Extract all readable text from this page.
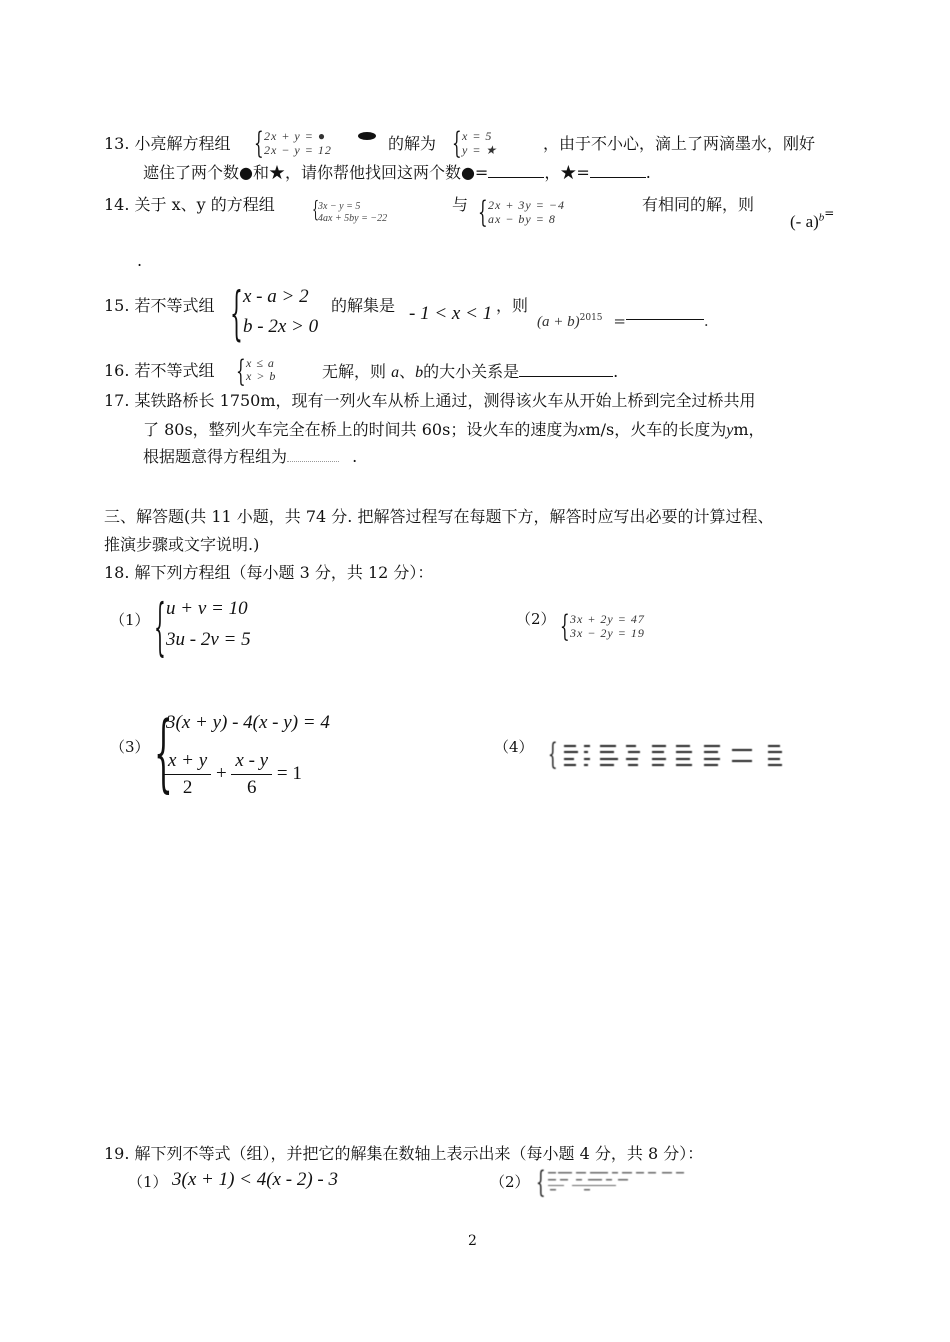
13. 小亮解方程组 { 2x + y = ●
2x − y = 12	的解为 { x = 5
y = ★	，由于不小心，滴上了两滴墨水，刚好
遮住了两个数●和★，请你帮他找回这两个数●=	，★=	.
14. 关于 x、y 的方程组 { 3x − y = 5
4ax + 5by = −22
与 { 2x + 3y = −4
ax − by = 8
有相同的解，则
(- a)$^{b=}$
.
15. 若不等式组 { x - a > 2
b - 2x > 0
的解集是 - 1 < x < 1 ，则
$(a + b)^{2015}$ =	.
16. 若不等式组 { x ≤ a
x > b	无解，则 a、b的大小关系是	.
17. 某铁路桥长 1750m，现有一列火车从桥上通过，测得该火车从开始上桥到完全过桥共用
了 80s，整列火车完全在桥上的时间共 60s；设火车的速度为xm/s，火车的长度为ym，
根据题意得方程组为	.
三、解答题(共 11 小题，共 74 分. 把解答过程写在每题下方，解答时应写出必要的计算过程、
推演步骤或文字说明.)
18. 解下列方程组（每小题 3 分，共 12 分）：
（1） { u + v = 10
3u - 2v = 5
（2） { 3x + 2y = 47
3x − 2y = 19
（3） {
3(x + y) - 4(x - y) = 4
$\frac{x + y}{2} + \frac{x - y}{6} = 1$
（4） {
19. 解下列不等式（组），并把它的解集在数轴上表示出来（每小题 4 分，共 8 分）：
（1） 3(x + 1) < 4(x - 2) - 3	（2） {
2
